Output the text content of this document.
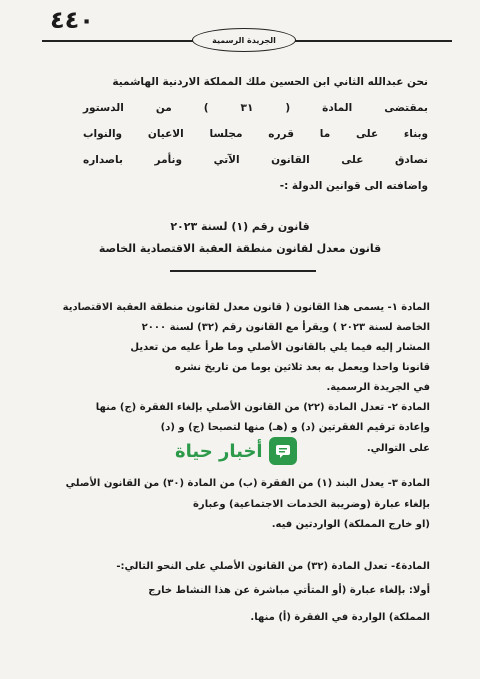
٤٤٠
الجريدة الرسمية
نحن عبدالله الثاني ابن الحسين ملك المملكة الاردنية الهاشمية
بمقتضى المادة ( ٣١ ) من الدستور
وبناء على ما قرره مجلسا الاعيان والنواب
نصادق على القانون الآتي ونأمر باصداره
واضافته الى قوانين الدولة :-
قانون رقم (١) لسنة ٢٠٢٣
قانون معدل لقانون منطقة العقبة الاقتصادية الخاصة
المادة ١- يسمى هذا القانون ( قانون معدل لقانون منطقة العقبة الاقتصادية
الخاصة لسنة ٢٠٢٣ ) ويقرأ مع القانون رقم (٣٢) لسنة ٢٠٠٠
المشار إليه فيما يلي بالقانون الأصلي وما طرأ عليه من تعديل
قانونا واحدا ويعمل به بعد ثلاثين يوما من تاريخ نشره
في الجريدة الرسمية.
المادة ٢- تعدل المادة (٢٢) من القانون الأصلي بإلغاء الفقرة (ج) منها
وإعادة ترقيم الفقرتين (د) و (هـ) منها لتصبحا (ج) و (د)
على التوالي.
أخبار حياة
المادة ٣- يعدل البند (١) من الفقرة (ب) من المادة (٣٠) من القانون الأصلي
بإلغاء عبارة (وضريبة الخدمات الاجتماعية) وعبارة
(او خارج المملكة) الواردتين فيه.
المادة٤- تعدل المادة (٣٢) من القانون الأصلي على النحو التالي:-
أولا: بإلغاء عبارة (أو المتأتي مباشرة عن هذا النشاط خارج
المملكة) الواردة في الفقرة (أ) منها.
